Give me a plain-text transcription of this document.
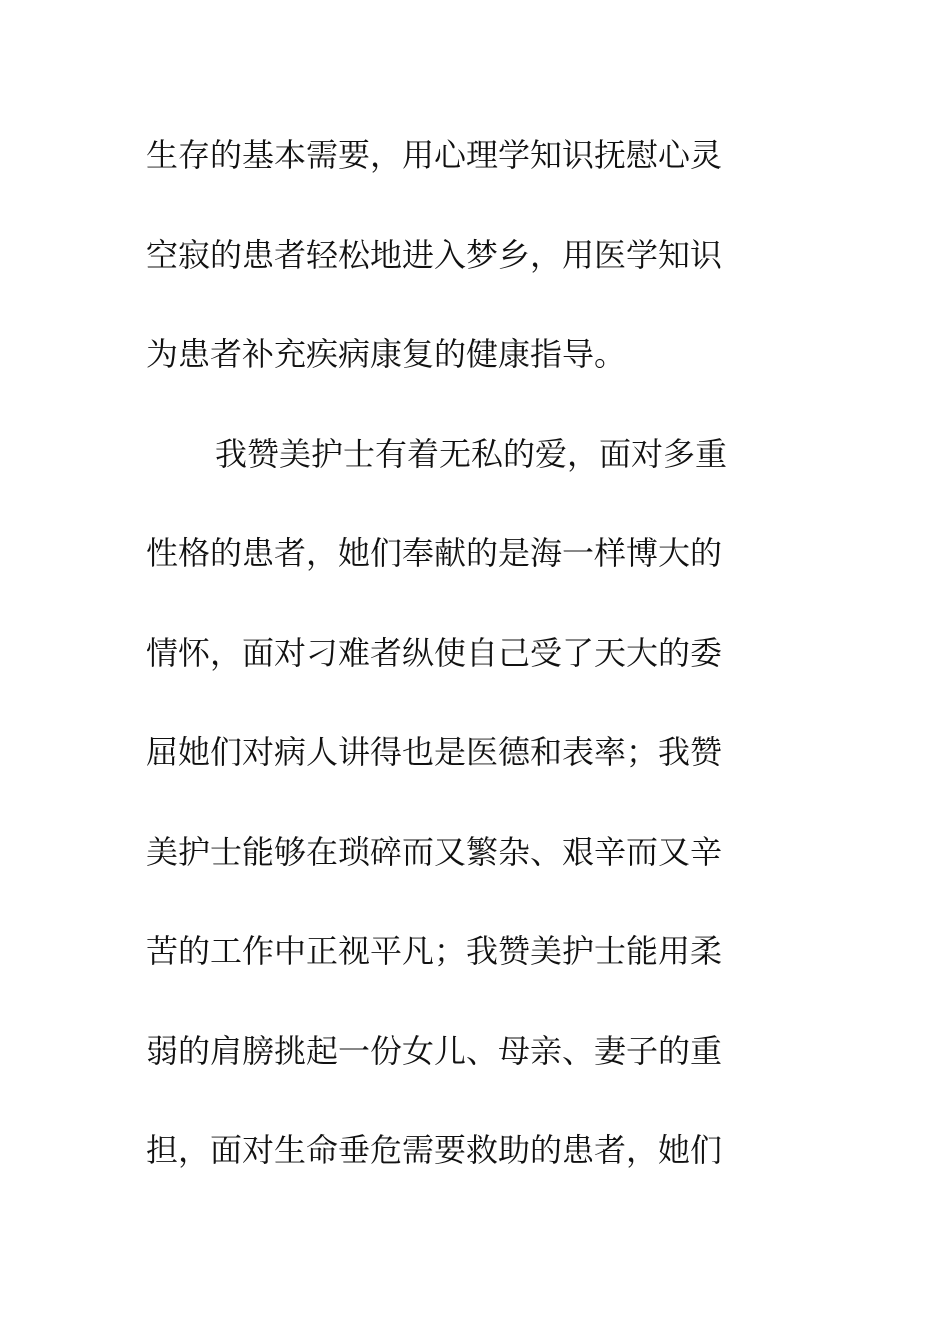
生存的基本需要，用心理学知识抚慰心灵
空寂的患者轻松地进入梦乡，用医学知识
为患者补充疾病康复的健康指导。
我赞美护士有着无私的爱，面对多重
性格的患者，她们奉献的是海一样博大的
情怀，面对刁难者纵使自己受了天大的委
屈她们对病人讲得也是医德和表率；我赞
美护士能够在琐碎而又繁杂、艰辛而又辛
苦的工作中正视平凡；我赞美护士能用柔
弱的肩膀挑起一份女儿、母亲、妻子的重
担，面对生命垂危需要救助的患者，她们
